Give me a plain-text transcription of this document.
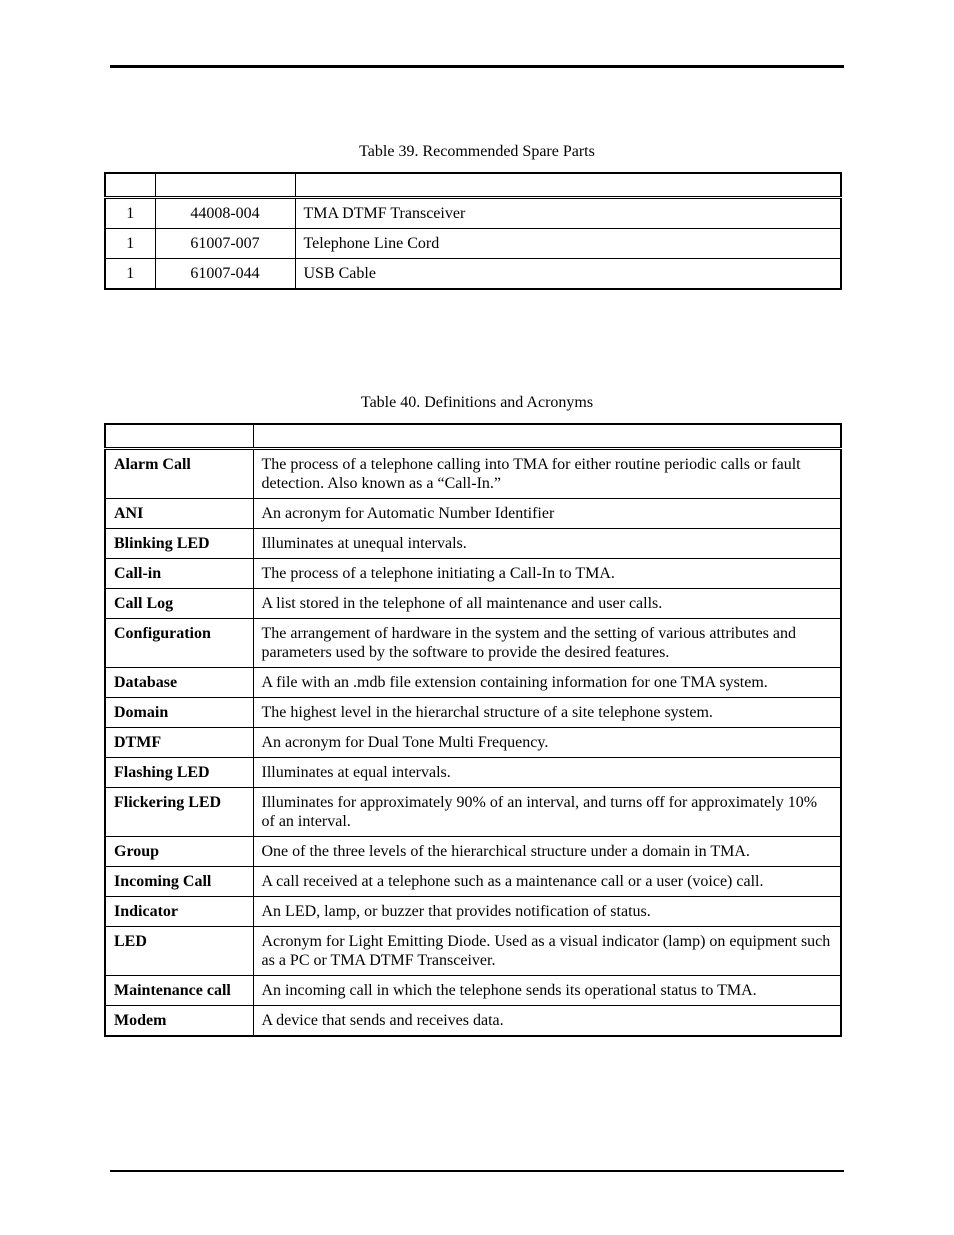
Table 39. Recommended Spare Parts

1	44008-004	TMA DTMF Transceiver
1	61007-007	Telephone Line Cord
1	61007-044	USB Cable
Table 40. Definitions and Acronyms

Alarm Call	The process of a telephone calling into TMA for either routine periodic calls or fault detection. Also known as a “Call-In.”
ANI	An acronym for Automatic Number Identifier
Blinking LED	Illuminates at unequal intervals.
Call-in	The process of a telephone initiating a Call-In to TMA.
Call Log	A list stored in the telephone of all maintenance and user calls.
Configuration	The arrangement of hardware in the system and the setting of various attributes and parameters used by the software to provide the desired features.
Database	A file with an .mdb file extension containing information for one TMA system.
Domain	The highest level in the hierarchal structure of a site telephone system.
DTMF	An acronym for Dual Tone Multi Frequency.
Flashing LED	Illuminates at equal intervals.
Flickering LED	Illuminates for approximately 90% of an interval, and turns off for approximately 10% of an interval.
Group	One of the three levels of the hierarchical structure under a domain in TMA.
Incoming Call	A call received at a telephone such as a maintenance call or a user (voice) call.
Indicator	An LED, lamp, or buzzer that provides notification of status.
LED	Acronym for Light Emitting Diode. Used as a visual indicator (lamp) on equipment such as a PC or TMA DTMF Transceiver.
Maintenance call	An incoming call in which the telephone sends its operational status to TMA.
Modem	A device that sends and receives data.
